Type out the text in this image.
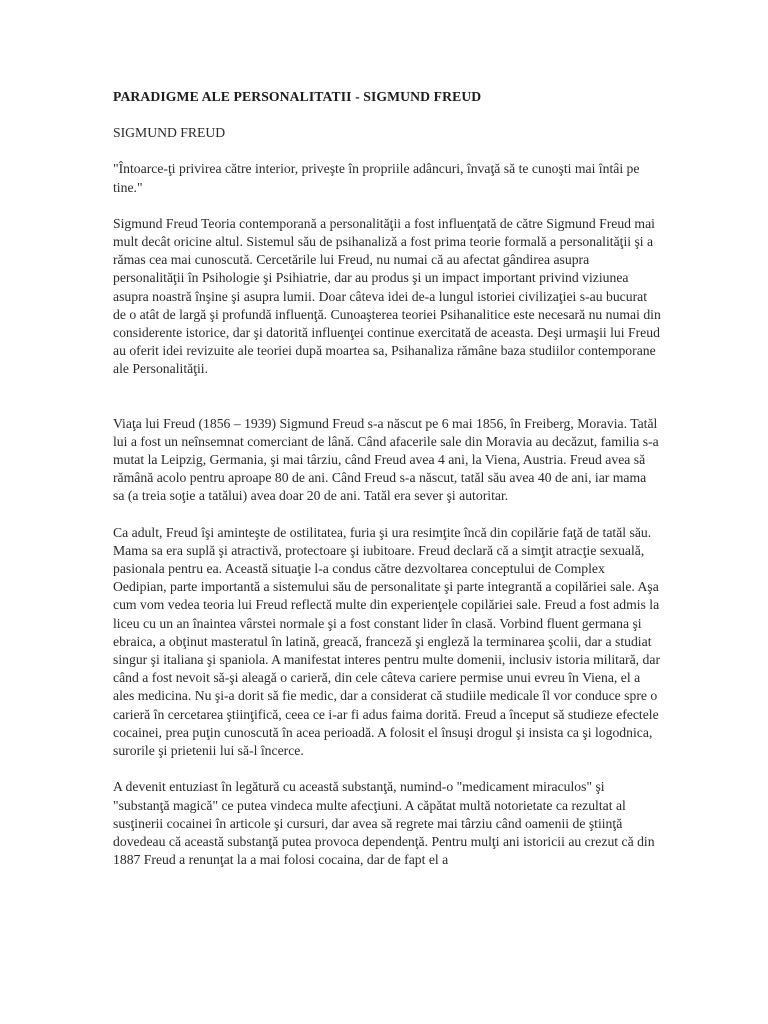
PARADIGME ALE PERSONALITATII - SIGMUND FREUD
SIGMUND FREUD
"Întoarce-ţi privirea către interior, priveşte în propriile adâncuri, învaţă să te cunoşti mai întâi pe tine."
Sigmund Freud Teoria contemporană a personalităţii a fost influenţată de către Sigmund Freud mai mult decât oricine altul. Sistemul său de psihanaliză a fost prima teorie formală a personalităţii şi a rămas cea mai cunoscută. Cercetările lui Freud, nu numai că au afectat gândirea asupra personalităţii în Psihologie şi Psihiatrie, dar au produs şi un impact important privind viziunea asupra noastră înşine şi asupra lumii. Doar câteva idei de-a lungul istoriei civilizaţiei s-au bucurat de o atât de largă şi profundă influenţă. Cunoaşterea teoriei Psihanalitice este necesară nu numai din considerente istorice, dar şi datorită influenţei continue exercitată de aceasta. Deşi urmaşii lui Freud au oferit idei revizuite ale teoriei după moartea sa, Psihanaliza rămâne baza studiilor contemporane ale Personalităţii.
Viaţa lui Freud (1856 – 1939) Sigmund Freud s-a născut pe 6 mai 1856, în Freiberg, Moravia. Tatăl lui a fost un neînsemnat comerciant de lână. Când afacerile sale din Moravia au decăzut, familia s-a mutat la Leipzig, Germania, şi mai târziu, când Freud avea 4 ani, la Viena, Austria. Freud avea să rămână acolo pentru aproape 80 de ani. Când Freud s-a născut, tatăl său avea 40 de ani, iar mama sa (a treia soţie a tatălui) avea doar 20 de ani. Tatăl era sever şi autoritar.
Ca adult, Freud îşi aminteşte de ostilitatea, furia şi ura resimţite încă din copilărie faţă de tatăl său. Mama sa era suplă şi atractivă, protectoare şi iubitoare. Freud declară că a simţit atracţie sexuală, pasionala pentru ea. Această situaţie l-a condus către dezvoltarea conceptului de Complex Oedipian, parte importantă a sistemului său de personalitate şi parte integrantă a copilăriei sale. Aşa cum vom vedea teoria lui Freud reflectă multe din experienţele copilăriei sale. Freud a fost admis la liceu cu un an înaintea vârstei normale şi a fost constant lider în clasă. Vorbind fluent germana şi ebraica, a obţinut masteratul în latină, greacă, franceză şi engleză la terminarea şcolii, dar a studiat singur şi italiana şi spaniola. A manifestat interes pentru multe domenii, inclusiv istoria militară, dar când a fost nevoit să-şi aleagă o carieră, din cele câteva cariere permise unui evreu în Viena, el a ales medicina. Nu şi-a dorit să fie medic, dar a considerat că studiile medicale îl vor conduce spre o carieră în cercetarea ştiinţifică, ceea ce i-ar fi adus faima dorită. Freud a început să studieze efectele cocainei, prea puţin cunoscută în acea perioadă. A folosit el însuşi drogul şi insista ca şi logodnica, surorile şi prietenii lui să-l încerce.
A devenit entuziast în legătură cu această substanţă, numind-o "medicament miraculos" şi "substanţă magică" ce putea vindeca multe afecţiuni. A căpătat multă notorietate ca rezultat al susţinerii cocainei în articole şi cursuri, dar avea să regrete mai târziu când oamenii de ştiinţă dovedeau că această substanţă putea provoca dependenţă. Pentru mulţi ani istoricii au crezut că din 1887 Freud a renunţat la a mai folosi cocaina, dar de fapt el a
